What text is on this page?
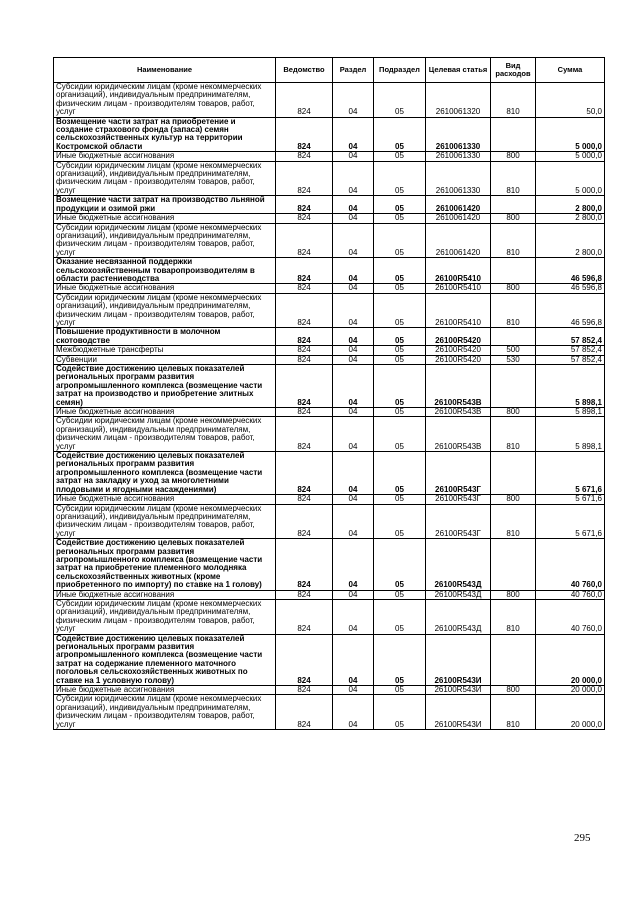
Наименование	Ведомство	Раздел	Подраздел	Целевая статья	Вид расходов	Сумма
Субсидии юридическим лицам (кроме некоммерческих организаций), индивидуальным предпринимателям, физическим лицам - производителям товаров, работ, услуг	824	04	05	2610061320	810	50,0
Возмещение части затрат на приобретение и создание страхового фонда (запаса) семян сельскохозяйственных культур на территории Костромской области	824	04	05	2610061330		5 000,0
Иные бюджетные ассигнования	824	04	05	2610061330	800	5 000,0
Субсидии юридическим лицам (кроме некоммерческих организаций), индивидуальным предпринимателям, физическим лицам - производителям товаров, работ, услуг	824	04	05	2610061330	810	5 000,0
Возмещение части затрат на производство льняной продукции и озимой ржи	824	04	05	2610061420		2 800,0
Иные бюджетные ассигнования	824	04	05	2610061420	800	2 800,0
Субсидии юридическим лицам (кроме некоммерческих организаций), индивидуальным предпринимателям, физическим лицам - производителям товаров, работ, услуг	824	04	05	2610061420	810	2 800,0
Оказание несвязанной поддержки сельскохозяйственным товаропроизводителям в области растениеводства	824	04	05	26100R5410		46 596,8
Иные бюджетные ассигнования	824	04	05	26100R5410	800	46 596,8
Субсидии юридическим лицам (кроме некоммерческих организаций), индивидуальным предпринимателям, физическим лицам - производителям товаров, работ, услуг	824	04	05	26100R5410	810	46 596,8
Повышение продуктивности в молочном скотоводстве	824	04	05	26100R5420		57 852,4
Межбюджетные трансферты	824	04	05	26100R5420	500	57 852,4
Субвенции	824	04	05	26100R5420	530	57 852,4
Содействие достижению целевых показателей региональных программ развития агропромышленного комплекса (возмещение части затрат на производство и приобретение элитных семян)	824	04	05	26100R543В		5 898,1
Иные бюджетные ассигнования	824	04	05	26100R543В	800	5 898,1
Субсидии юридическим лицам (кроме некоммерческих организаций), индивидуальным предпринимателям, физическим лицам - производителям товаров, работ, услуг	824	04	05	26100R543В	810	5 898,1
Содействие достижению целевых показателей региональных программ развития агропромышленного комплекса (возмещение части затрат на закладку и уход за многолетними плодовыми и ягодными насаждениями)	824	04	05	26100R543Г		5 671,6
Иные бюджетные ассигнования	824	04	05	26100R543Г	800	5 671,6
Субсидии юридическим лицам (кроме некоммерческих организаций), индивидуальным предпринимателям, физическим лицам - производителям товаров, работ, услуг	824	04	05	26100R543Г	810	5 671,6
Содействие достижению целевых показателей региональных программ развития агропромышленного комплекса (возмещение части затрат на приобретение племенного молодняка сельскохозяйственных животных (кроме приобретенного по импорту) по ставке на 1 голову)	824	04	05	26100R543Д		40 760,0
Иные бюджетные ассигнования	824	04	05	26100R543Д	800	40 760,0
Субсидии юридическим лицам (кроме некоммерческих организаций), индивидуальным предпринимателям, физическим лицам - производителям товаров, работ, услуг	824	04	05	26100R543Д	810	40 760,0
Содействие достижению целевых показателей региональных программ развития агропромышленного комплекса (возмещение части затрат на содержание племенного маточного поголовья сельскохозяйственных животных по ставке на 1 условную голову)	824	04	05	26100R543И		20 000,0
Иные бюджетные ассигнования	824	04	05	26100R543И	800	20 000,0
Субсидии юридическим лицам (кроме некоммерческих организаций), индивидуальным предпринимателям, физическим лицам - производителям товаров, работ, услуг	824	04	05	26100R543И	810	20 000,0
295
